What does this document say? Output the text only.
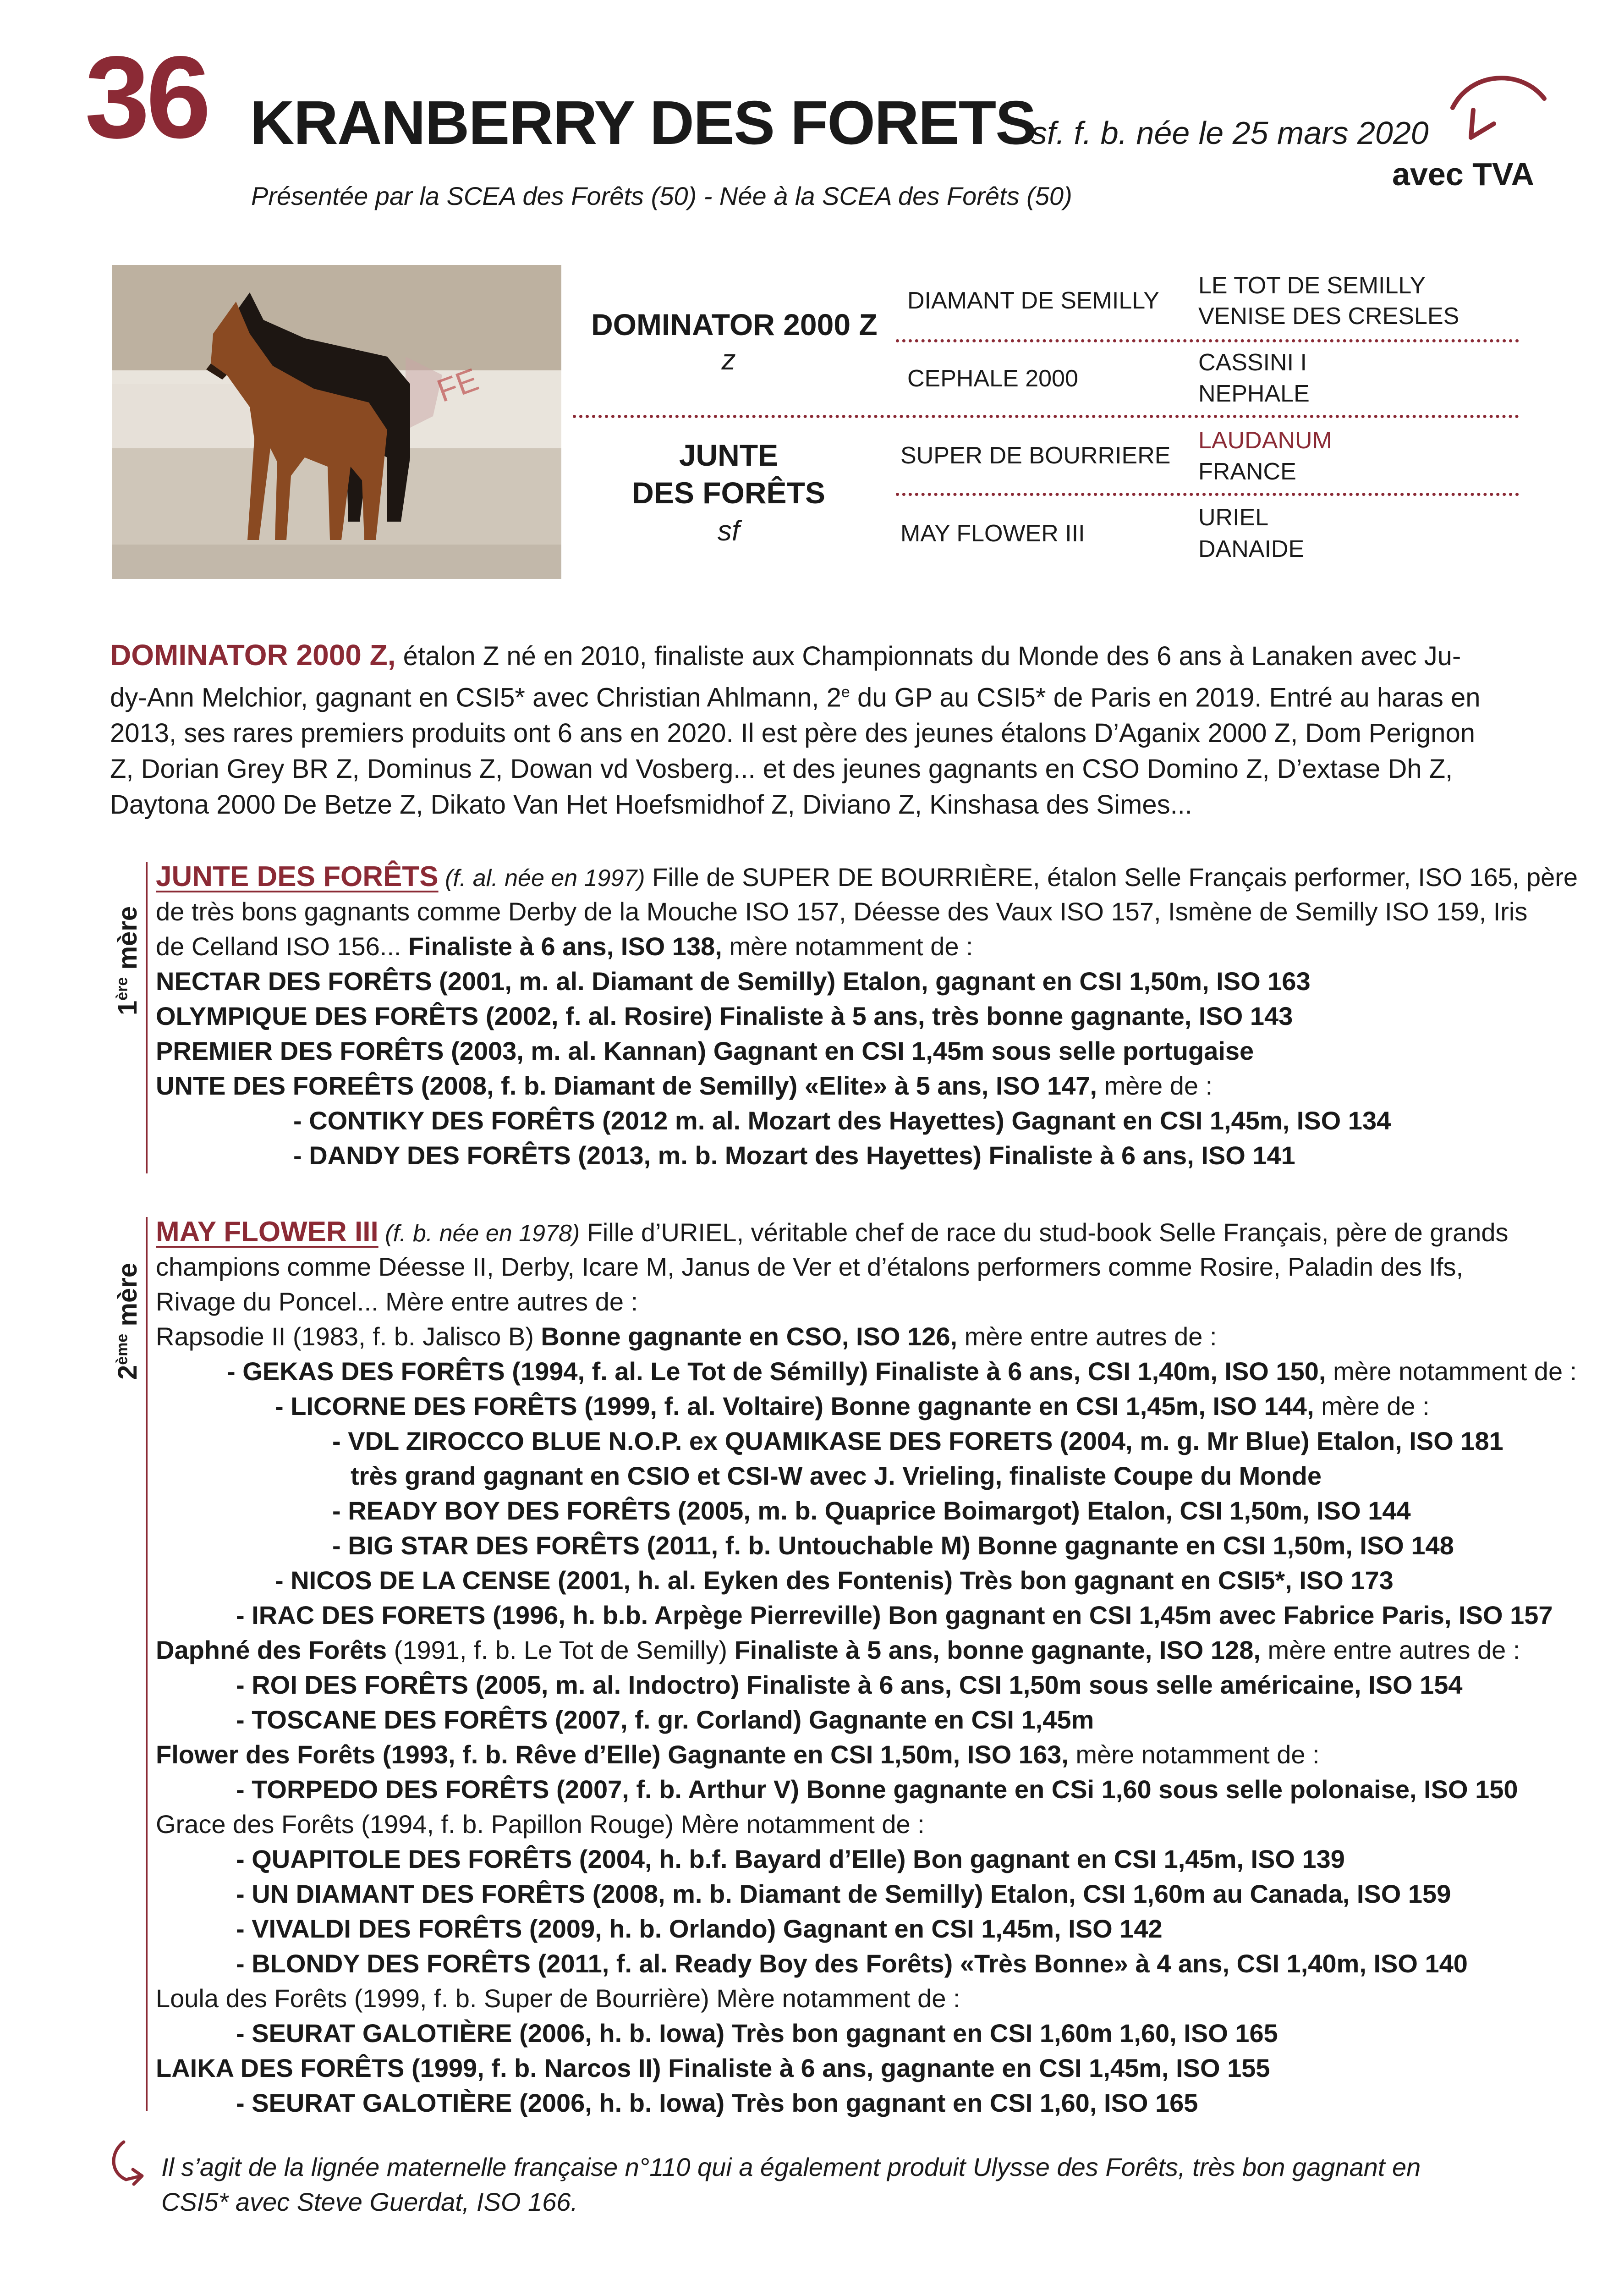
36 KRANBERRY DES FORETS
sf. f. b. née le 25 mars 2020
avec TVA
Présentée par la SCEA des Forêts (50) - Née à la SCEA des Forêts (50)
FE
DOMINATOR 2000 Z
z
JUNTE
DES FORÊTS
sf
DIAMANT DE SEMILLY
CEPHALE 2000
SUPER DE BOURRIERE
MAY FLOWER III
LE TOT DE SEMILLY
VENISE DES CRESLES
CASSINI I
NEPHALE
LAUDANUM
FRANCE
URIEL
DANAIDE
DOMINATOR 2000 Z, étalon Z né en 2010, finaliste aux Championnats du Monde des 6 ans à Lanaken avec Ju-
dy-Ann Melchior, gagnant en CSI5* avec Christian Ahlmann, 2e du GP au CSI5* de Paris en 2019. Entré au haras en
2013, ses rares premiers produits ont 6 ans en 2020. Il est père des jeunes étalons D’Aganix 2000 Z, Dom Perignon
Z, Dorian Grey BR Z, Dominus Z, Dowan vd Vosberg... et des jeunes gagnants en CSO Domino Z, D’extase Dh Z,
Daytona 2000 De Betze Z, Dikato Van Het Hoefsmidhof Z, Diviano Z, Kinshasa des Simes...
1ère mère
JUNTE DES FORÊTS (f. al. née en 1997) Fille de SUPER DE BOURRIÈRE, étalon Selle Français performer, ISO 165, père
de très bons gagnants comme Derby de la Mouche ISO 157, Déesse des Vaux ISO 157, Ismène de Semilly ISO 159, Iris
de Celland ISO 156... Finaliste à 6 ans, ISO 138, mère notamment de :
NECTAR DES FORÊTS (2001, m. al. Diamant de Semilly) Etalon, gagnant en CSI 1,50m, ISO 163
OLYMPIQUE DES FORÊTS (2002, f. al. Rosire) Finaliste à 5 ans, très bonne gagnante, ISO 143
PREMIER DES FORÊTS (2003, m. al. Kannan) Gagnant en CSI 1,45m sous selle portugaise
UNTE DES FOREÊTS (2008, f. b. Diamant de Semilly) «Elite» à 5 ans, ISO 147, mère de :
- CONTIKY DES FORÊTS (2012 m. al. Mozart des Hayettes) Gagnant en CSI 1,45m, ISO 134
- DANDY DES FORÊTS (2013, m. b. Mozart des Hayettes) Finaliste à 6 ans, ISO 141
2ème mère
MAY FLOWER III (f. b. née en 1978) Fille d’URIEL, véritable chef de race du stud-book Selle Français, père de grands
champions comme Déesse II, Derby, Icare M, Janus de Ver et d’étalons performers comme Rosire, Paladin des Ifs,
Rivage du Poncel... Mère entre autres de :
Rapsodie II (1983, f. b. Jalisco B) Bonne gagnante en CSO, ISO 126, mère entre autres de :
- GEKAS DES FORÊTS (1994, f. al. Le Tot de Sémilly) Finaliste à 6 ans, CSI 1,40m, ISO 150, mère notamment de :
- LICORNE DES FORÊTS (1999, f. al. Voltaire) Bonne gagnante en CSI 1,45m, ISO 144, mère de :
- VDL ZIROCCO BLUE N.O.P. ex QUAMIKASE DES FORETS (2004, m. g. Mr Blue) Etalon, ISO 181
très grand gagnant en CSIO et CSI-W avec J. Vrieling, finaliste Coupe du Monde
- READY BOY DES FORÊTS (2005, m. b. Quaprice Boimargot) Etalon, CSI 1,50m, ISO 144
- BIG STAR DES FORÊTS (2011, f. b. Untouchable M) Bonne gagnante en CSI 1,50m, ISO 148
- NICOS DE LA CENSE (2001, h. al. Eyken des Fontenis) Très bon gagnant en CSI5*, ISO 173
- IRAC DES FORETS (1996, h. b.b. Arpège Pierreville) Bon gagnant en CSI 1,45m avec Fabrice Paris, ISO 157
Daphné des Forêts (1991, f. b. Le Tot de Semilly) Finaliste à 5 ans, bonne gagnante, ISO 128, mère entre autres de :
- ROI DES FORÊTS (2005, m. al. Indoctro) Finaliste à 6 ans, CSI 1,50m sous selle américaine, ISO 154
- TOSCANE DES FORÊTS (2007, f. gr. Corland) Gagnante en CSI 1,45m
Flower des Forêts (1993, f. b. Rêve d’Elle) Gagnante en CSI 1,50m, ISO 163, mère notamment de :
- TORPEDO DES FORÊTS (2007, f. b. Arthur V) Bonne gagnante en CSi 1,60 sous selle polonaise, ISO 150
Grace des Forêts (1994, f. b. Papillon Rouge) Mère notamment de :
- QUAPITOLE DES FORÊTS (2004, h. b.f. Bayard d’Elle) Bon gagnant en CSI 1,45m, ISO 139
- UN DIAMANT DES FORÊTS (2008, m. b. Diamant de Semilly) Etalon, CSI 1,60m au Canada, ISO 159
- VIVALDI DES FORÊTS (2009, h. b. Orlando) Gagnant en CSI 1,45m, ISO 142
- BLONDY DES FORÊTS (2011, f. al. Ready Boy des Forêts) «Très Bonne» à 4 ans, CSI 1,40m, ISO 140
Loula des Forêts (1999, f. b. Super de Bourrière) Mère notamment de :
- SEURAT GALOTIÈRE (2006, h. b. Iowa) Très bon gagnant en CSI 1,60m 1,60, ISO 165
LAIKA DES FORÊTS (1999, f. b. Narcos II) Finaliste à 6 ans, gagnante en CSI 1,45m, ISO 155
- SEURAT GALOTIÈRE (2006, h. b. Iowa) Très bon gagnant en CSI 1,60, ISO 165
Il s’agit de la lignée maternelle française n°110 qui a également produit Ulysse des Forêts, très bon gagnant en
CSI5* avec Steve Guerdat, ISO 166.
